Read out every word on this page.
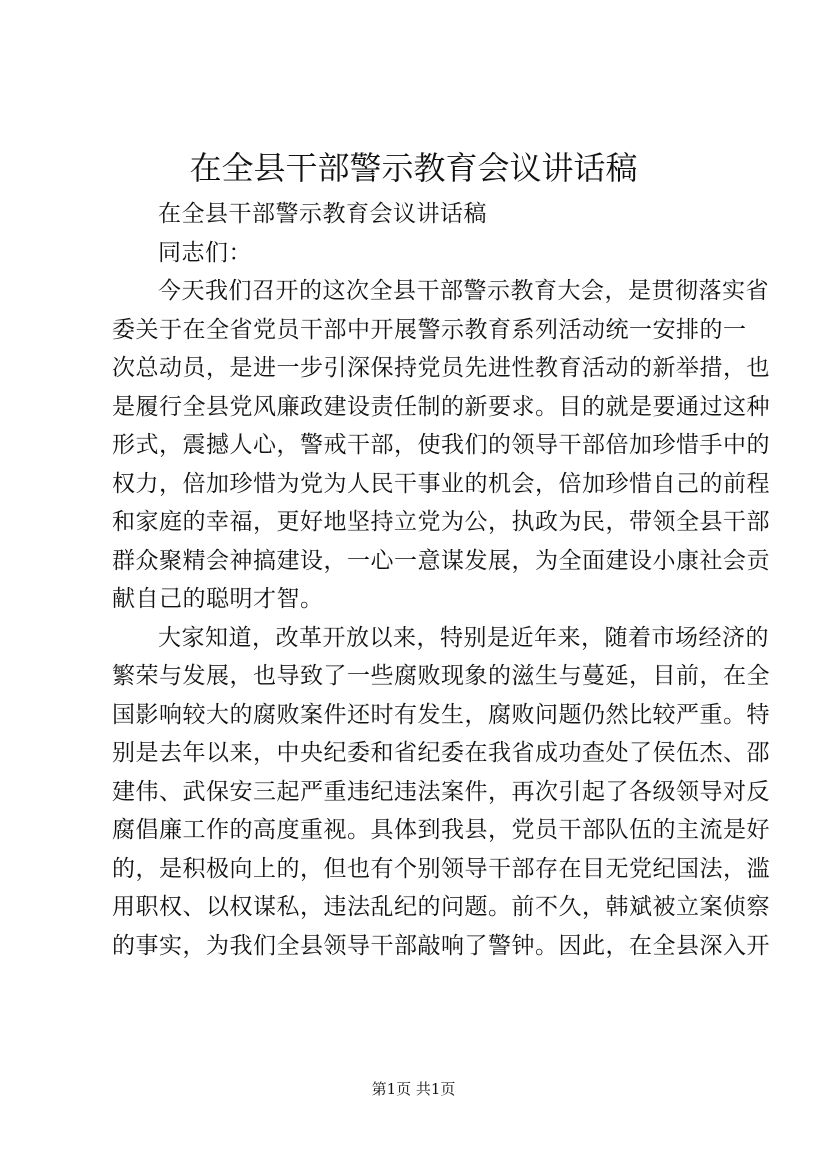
在全县干部警示教育会议讲话稿
在全县干部警示教育会议讲话稿
同志们：
今天我们召开的这次全县干部警示教育大会，是贯彻落实省
委关于在全省党员干部中开展警示教育系列活动统一安排的一
次总动员，是进一步引深保持党员先进性教育活动的新举措，也
是履行全县党风廉政建设责任制的新要求。目的就是要通过这种
形式，震撼人心，警戒干部，使我们的领导干部倍加珍惜手中的
权力，倍加珍惜为党为人民干事业的机会，倍加珍惜自己的前程
和家庭的幸福，更好地坚持立党为公，执政为民，带领全县干部
群众聚精会神搞建设，一心一意谋发展，为全面建设小康社会贡
献自己的聪明才智。
大家知道，改革开放以来，特别是近年来，随着市场经济的
繁荣与发展，也导致了一些腐败现象的滋生与蔓延，目前，在全
国影响较大的腐败案件还时有发生，腐败问题仍然比较严重。特
别是去年以来，中央纪委和省纪委在我省成功查处了侯伍杰、邵
建伟、武保安三起严重违纪违法案件，再次引起了各级领导对反
腐倡廉工作的高度重视。具体到我县，党员干部队伍的主流是好
的，是积极向上的，但也有个别领导干部存在目无党纪国法，滥
用职权、以权谋私，违法乱纪的问题。前不久，韩斌被立案侦察
的事实，为我们全县领导干部敲响了警钟。因此，在全县深入开
第1页 共1页
